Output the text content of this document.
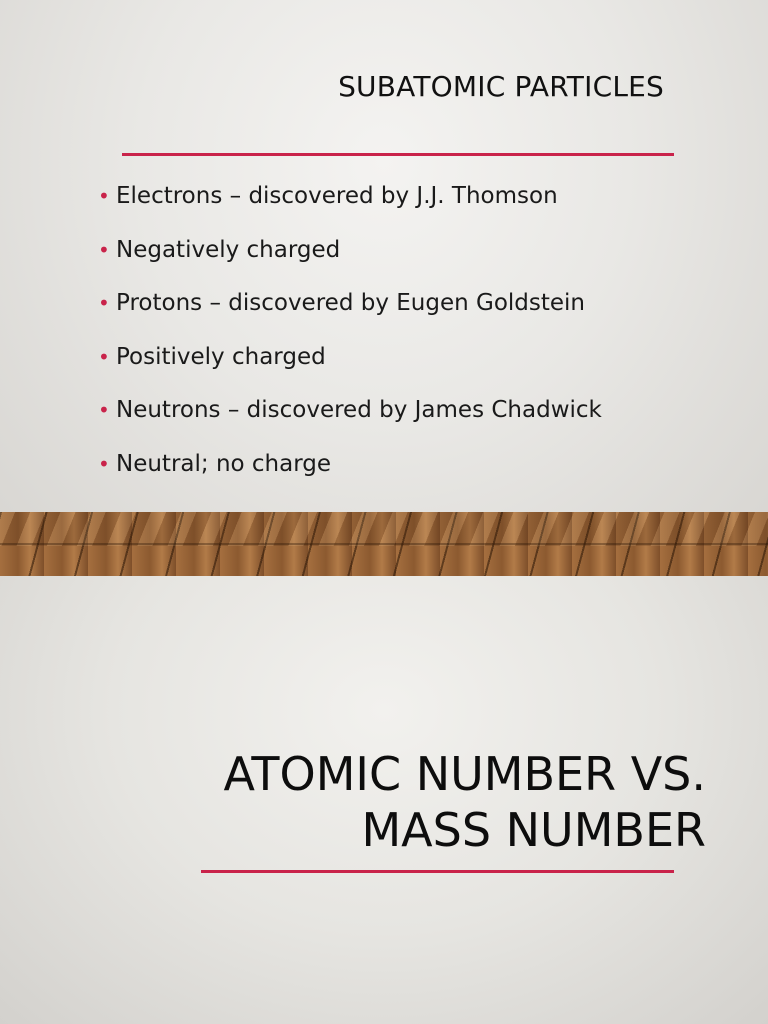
SUBATOMIC PARTICLES
• Electrons – discovered by J.J. Thomson
• Negatively charged
• Protons – discovered by Eugen Goldstein
• Positively charged
• Neutrons – discovered by James Chadwick
• Neutral; no charge
ATOMIC NUMBER VS.
MASS NUMBER
